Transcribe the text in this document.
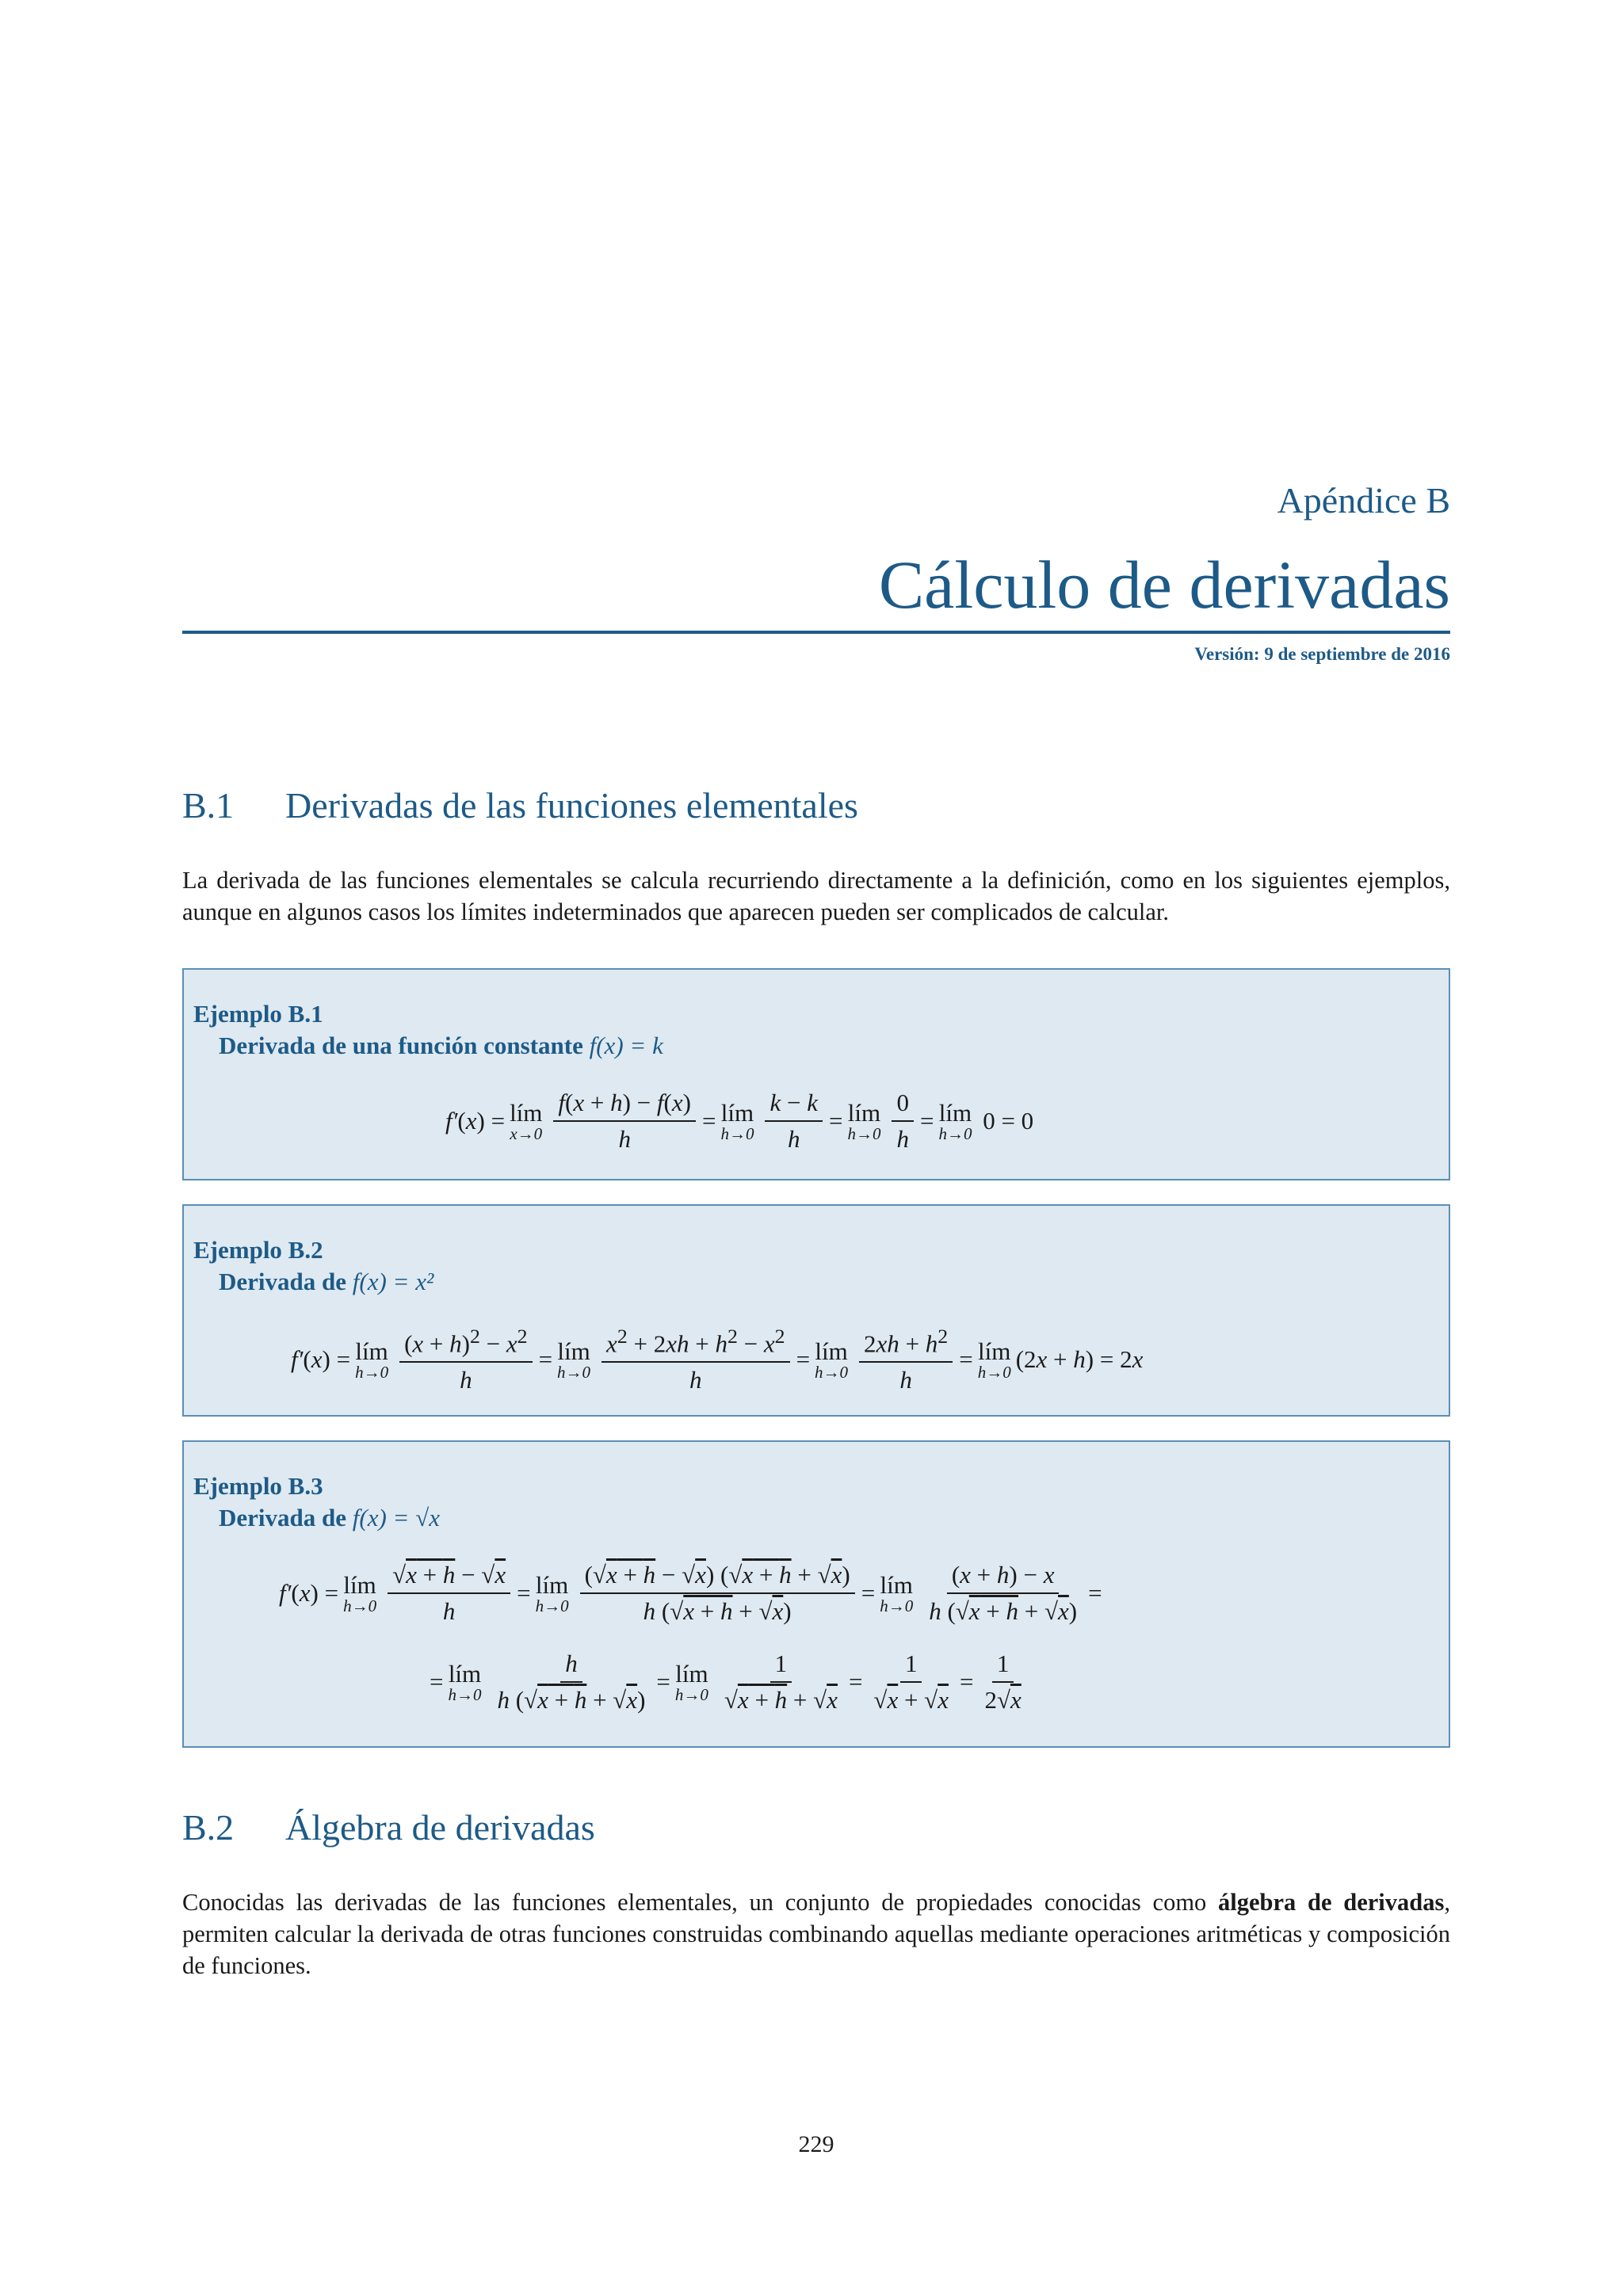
Apéndice B
Cálculo de derivadas
Versión: 9 de septiembre de 2016
B.1 Derivadas de las funciones elementales
La derivada de las funciones elementales se calcula recurriendo directamente a la definición, como en los siguientes ejemplos, aunque en algunos casos los límites indeterminados que aparecen pueden ser complicados de calcular.
Ejemplo B.1
Derivada de una función constante f(x) = k
f′(x) = lím
$x\to 0 \frac{f(x + h) - f(x)}{h}$ = lím
$h\to 0 \frac{k - k}{h}$ = lím
$h\to 0 \frac{0}{h}$ = lím
h→0 0 = 0
Ejemplo B.2
Derivada de f(x) = x²
f′(x) = lím
$h\to 0 \frac{(x + h)^2 - x^2}{h}$ = lím
$h\to 0 \frac{x^2 + 2xh + h^2 - x^2}{h}$ = lím
$h\to 0 \frac{2xh + h^2}{h}$ = lím
h→0 (2x + h) = 2x
Ejemplo B.3
Derivada de f(x) = √x
f′(x) = lím
$h\to 0 \frac{√x + h - √x}{h}$ = lím
$h\to 0 \frac{(√x + h - √x) (√x + h + √x)}{h (√x + h + √x)}$ = lím
$h\to 0 \frac{(x + h) - x}{h (√x + h + √x)}$ =
= lím
$h\to 0 \frac{h}{h (√x + h + √x)}$ = lím
$h\to 0 \frac{1}{√x + h + √x} = \frac{1}{√x + √x} = \frac{1}{2√x}$
B.2 Álgebra de derivadas
Conocidas las derivadas de las funciones elementales, un conjunto de propiedades conocidas como álgebra de derivadas, permiten calcular la derivada de otras funciones construidas combinando aquellas mediante operaciones aritméticas y composición de funciones.
229
